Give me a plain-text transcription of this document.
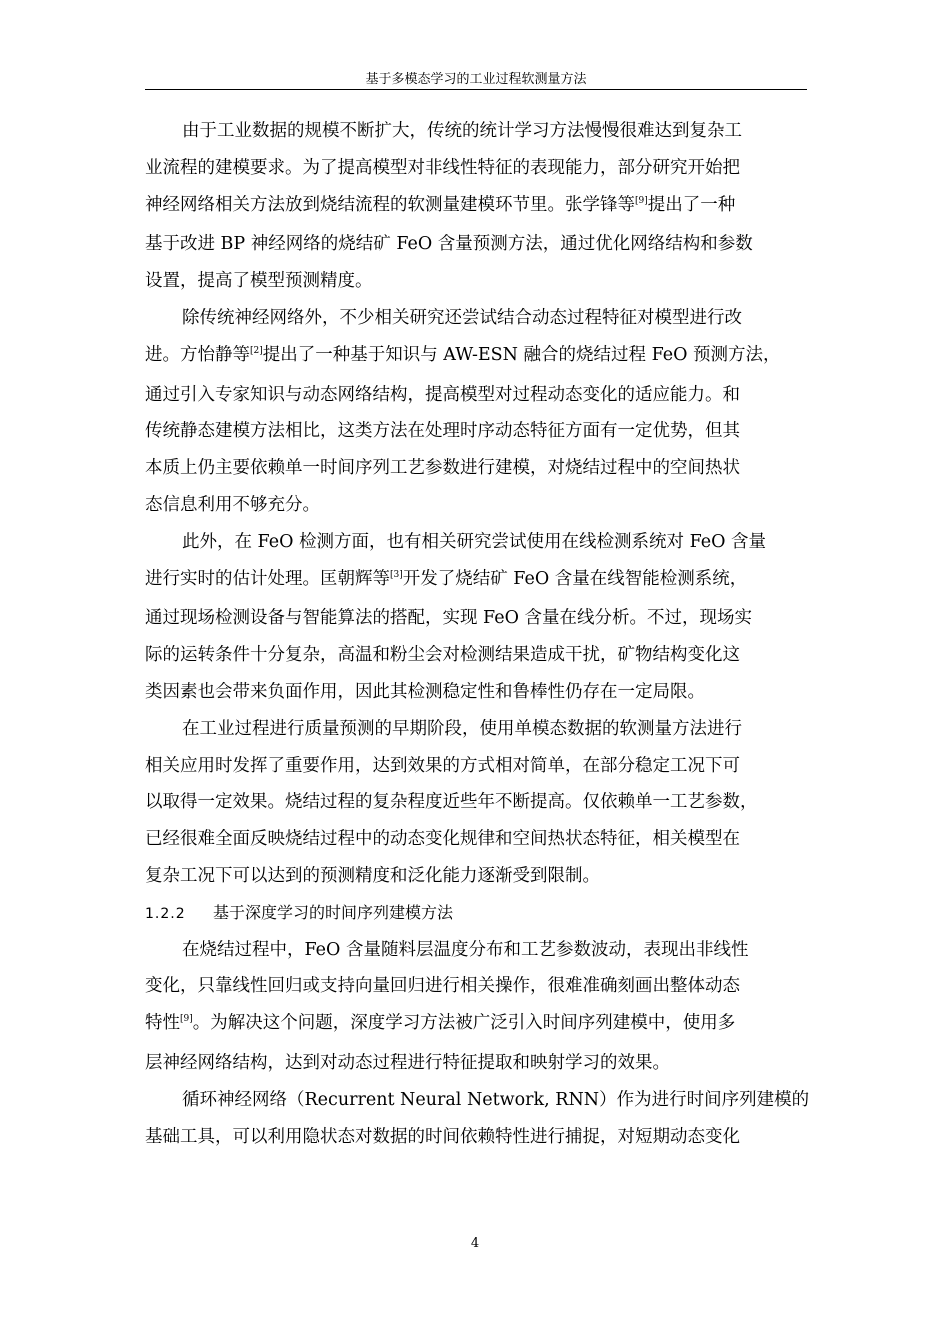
基于多模态学习的工业过程软测量方法

由于工业数据的规模不断扩大，传统的统计学习方法慢慢很难达到复杂工
业流程的建模要求。为了提高模型对非线性特征的表现能力，部分研究开始把
神经网络相关方法放到烧结流程的软测量建模环节里。张学锋等[9]提出了一种
基于改进 BP 神经网络的烧结矿 FeO 含量预测方法，通过优化网络结构和参数
设置，提高了模型预测精度。

除传统神经网络外，不少相关研究还尝试结合动态过程特征对模型进行改
进。方怡静等[2]提出了一种基于知识与 AW-ESN 融合的烧结过程 FeO 预测方法，
通过引入专家知识与动态网络结构，提高模型对过程动态变化的适应能力。和
传统静态建模方法相比，这类方法在处理时序动态特征方面有一定优势，但其
本质上仍主要依赖单一时间序列工艺参数进行建模，对烧结过程中的空间热状
态信息利用不够充分。

此外，在 FeO 检测方面，也有相关研究尝试使用在线检测系统对 FeO 含量
进行实时的估计处理。匡朝辉等[3]开发了烧结矿 FeO 含量在线智能检测系统，
通过现场检测设备与智能算法的搭配，实现 FeO 含量在线分析。不过，现场实
际的运转条件十分复杂，高温和粉尘会对检测结果造成干扰，矿物结构变化这
类因素也会带来负面作用，因此其检测稳定性和鲁棒性仍存在一定局限。

在工业过程进行质量预测的早期阶段，使用单模态数据的软测量方法进行
相关应用时发挥了重要作用，达到效果的方式相对简单，在部分稳定工况下可
以取得一定效果。烧结过程的复杂程度近些年不断提高。仅依赖单一工艺参数，
已经很难全面反映烧结过程中的动态变化规律和空间热状态特征，相关模型在
复杂工况下可以达到的预测精度和泛化能力逐渐受到限制。

1.2.2 基于深度学习的时间序列建模方法

在烧结过程中，FeO 含量随料层温度分布和工艺参数波动，表现出非线性
变化，只靠线性回归或支持向量回归进行相关操作，很难准确刻画出整体动态
特性[9]。为解决这个问题，深度学习方法被广泛引入时间序列建模中，使用多
层神经网络结构，达到对动态过程进行特征提取和映射学习的效果。

循环神经网络（Recurrent Neural Network, RNN）作为进行时间序列建模的
基础工具，可以利用隐状态对数据的时间依赖特性进行捕捉，对短期动态变化

4
